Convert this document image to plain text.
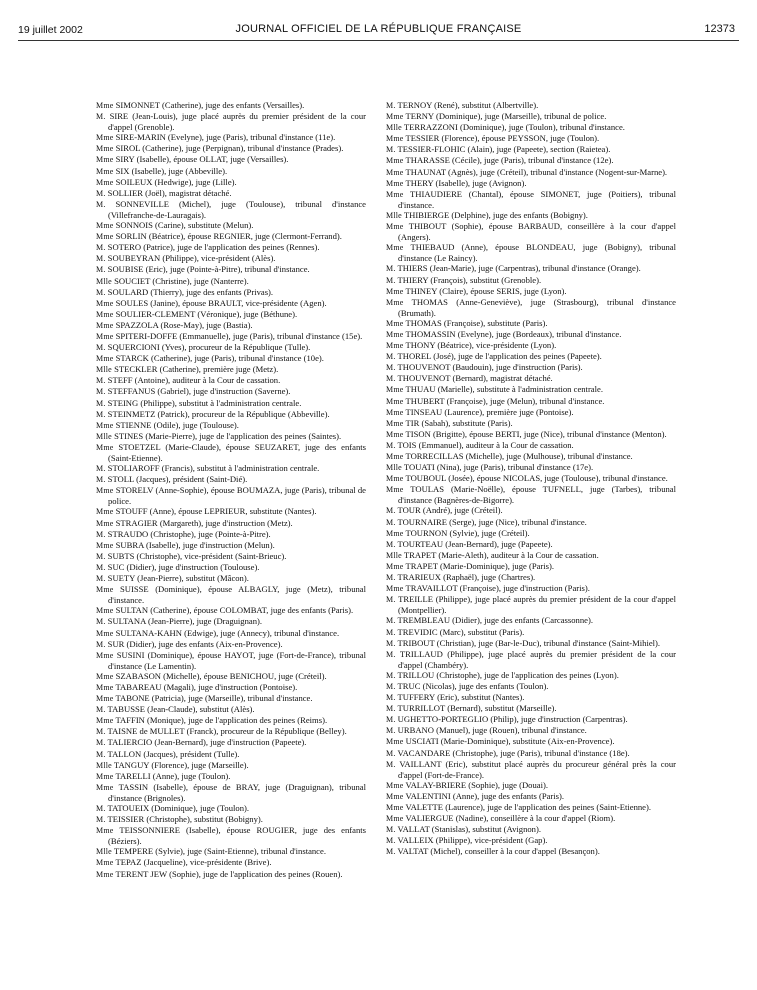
19 juillet 2002	JOURNAL OFFICIEL DE LA RÉPUBLIQUE FRANÇAISE	12373

Mme SIMONNET (Catherine), juge des enfants (Versailles).

M. SIRE (Jean-Louis), juge placé auprès du premier président de la cour d'appel (Grenoble).

Mme SIRE-MARIN (Evelyne), juge (Paris), tribunal d'instance (11e).

Mme SIROL (Catherine), juge (Perpignan), tribunal d'instance (Prades).

Mme SIRY (Isabelle), épouse OLLAT, juge (Versailles).

Mme SIX (Isabelle), juge (Abbeville).

Mme SOILEUX (Hedwige), juge (Lille).

M. SOLLIER (Joël), magistrat détaché.

M. SONNEVILLE (Michel), juge (Toulouse), tribunal d'instance (Villefranche-de-Lauragais).

Mme SONNOIS (Carine), substitute (Melun).

Mme SORLIN (Béatrice), épouse REGNIER, juge (Clermont-Ferrand).

M. SOTERO (Patrice), juge de l'application des peines (Rennes).

M. SOUBEYRAN (Philippe), vice-président (Alès).

M. SOUBISE (Eric), juge (Pointe-à-Pitre), tribunal d'instance.

Mlle SOUCIET (Christine), juge (Nanterre).

M. SOULARD (Thierry), juge des enfants (Privas).

Mme SOULES (Janine), épouse BRAULT, vice-présidente (Agen).

Mme SOULIER-CLEMENT (Véronique), juge (Béthune).

Mme SPAZZOLA (Rose-May), juge (Bastia).

Mme SPITERI-DOFFE (Emmanuelle), juge (Paris), tribunal d'instance (15e).

M. SQUERCIONI (Yves), procureur de la République (Tulle).

Mme STARCK (Catherine), juge (Paris), tribunal d'instance (10e).

Mlle STECKLER (Catherine), première juge (Metz).

M. STEFF (Antoine), auditeur à la Cour de cassation.

M. STEFFANUS (Gabriel), juge d'instruction (Saverne).

M. STEING (Philippe), substitut à l'administration centrale.

M. STEINMETZ (Patrick), procureur de la République (Abbeville).

Mme STIENNE (Odile), juge (Toulouse).

Mlle STINES (Marie-Pierre), juge de l'application des peines (Saintes).

Mme STOETZEL (Marie-Claude), épouse SEUZARET, juge des enfants (Saint-Etienne).

M. STOLIAROFF (Francis), substitut à l'administration centrale.

M. STOLL (Jacques), président (Saint-Dié).

Mme STORELV (Anne-Sophie), épouse BOUMAZA, juge (Paris), tribunal de police.

Mme STOUFF (Anne), épouse LEPRIEUR, substitute (Nantes).

Mme STRAGIER (Margareth), juge d'instruction (Metz).

M. STRAUDO (Christophe), juge (Pointe-à-Pitre).

Mme SUBRA (Isabelle), juge d'instruction (Melun).

M. SUBTS (Christophe), vice-président (Saint-Brieuc).

M. SUC (Didier), juge d'instruction (Toulouse).

M. SUETY (Jean-Pierre), substitut (Mâcon).

Mme SUISSE (Dominique), épouse ALBAGLY, juge (Metz), tribunal d'instance.

Mme SULTAN (Catherine), épouse COLOMBAT, juge des enfants (Paris).

M. SULTANA (Jean-Pierre), juge (Draguignan).

Mme SULTANA-KAHN (Edwige), juge (Annecy), tribunal d'instance.

M. SUR (Didier), juge des enfants (Aix-en-Provence).

Mme SUSINI (Dominique), épouse HAYOT, juge (Fort-de-France), tribunal d'instance (Le Lamentin).

Mme SZABASON (Michelle), épouse BENICHOU, juge (Créteil).

Mme TABAREAU (Magali), juge d'instruction (Pontoise).

Mme TABONE (Patricia), juge (Marseille), tribunal d'instance.

M. TABUSSE (Jean-Claude), substitut (Alès).

Mme TAFFIN (Monique), juge de l'application des peines (Reims).

M. TAISNE de MULLET (Franck), procureur de la République (Belley).

M. TALIERCIO (Jean-Bernard), juge d'instruction (Papeete).

M. TALLON (Jacques), président (Tulle).

Mlle TANGUY (Florence), juge (Marseille).

Mme TARELLI (Anne), juge (Toulon).

Mme TASSIN (Isabelle), épouse de BRAY, juge (Draguignan), tribunal d'instance (Brignoles).

M. TATOUEIX (Dominique), juge (Toulon).

M. TEISSIER (Christophe), substitut (Bobigny).

Mme TEISSONNIERE (Isabelle), épouse ROUGIER, juge des enfants (Béziers).

Mlle TEMPERE (Sylvie), juge (Saint-Etienne), tribunal d'instance.

Mme TEPAZ (Jacqueline), vice-présidente (Brive).

Mme TERENT JEW (Sophie), juge de l'application des peines (Rouen).

M. TERNOY (René), substitut (Albertville).

Mme TERNY (Dominique), juge (Marseille), tribunal de police.

Mlle TERRAZZONI (Dominique), juge (Toulon), tribunal d'instance.

Mme TESSIER (Florence), épouse PEYSSON, juge (Toulon).

M. TESSIER-FLOHIC (Alain), juge (Papeete), section (Raietea).

Mme THARASSE (Cécile), juge (Paris), tribunal d'instance (12e).

Mme THAUNAT (Agnès), juge (Créteil), tribunal d'instance (Nogent-sur-Marne).

Mme THERY (Isabelle), juge (Avignon).

Mme THIAUDIERE (Chantal), épouse SIMONET, juge (Poitiers), tribunal d'instance.

Mlle THIBIERGE (Delphine), juge des enfants (Bobigny).

Mme THIBOUT (Sophie), épouse BARBAUD, conseillère à la cour d'appel (Angers).

Mme THIEBAUD (Anne), épouse BLONDEAU, juge (Bobigny), tribunal d'instance (Le Raincy).

M. THIERS (Jean-Marie), juge (Carpentras), tribunal d'instance (Orange).

M. THIERY (François), substitut (Grenoble).

Mme THINEY (Claire), épouse SERIS, juge (Lyon).

Mme THOMAS (Anne-Geneviève), juge (Strasbourg), tribunal d'instance (Brumath).

Mme THOMAS (Françoise), substitute (Paris).

Mme THOMASSIN (Evelyne), juge (Bordeaux), tribunal d'instance.

Mme THONY (Béatrice), vice-présidente (Lyon).

M. THOREL (José), juge de l'application des peines (Papeete).

M. THOUVENOT (Baudouin), juge d'instruction (Paris).

M. THOUVENOT (Bernard), magistrat détaché.

Mme THUAU (Marielle), substitute à l'administration centrale.

Mme THUBERT (Françoise), juge (Melun), tribunal d'instance.

Mme TINSEAU (Laurence), première juge (Pontoise).

Mme TIR (Sabah), substitute (Paris).

Mme TISON (Brigitte), épouse BERTI, juge (Nice), tribunal d'instance (Menton).

M. TOIS (Emmanuel), auditeur à la Cour de cassation.

Mme TORRECILLAS (Michelle), juge (Mulhouse), tribunal d'instance.

Mlle TOUATI (Nina), juge (Paris), tribunal d'instance (17e).

Mme TOUBOUL (Josée), épouse NICOLAS, juge (Toulouse), tribunal d'instance.

Mme TOULAS (Marie-Noëlle), épouse TUFNELL, juge (Tarbes), tribunal d'instance (Bagnères-de-Bigorre).

M. TOUR (André), juge (Créteil).

M. TOURNAIRE (Serge), juge (Nice), tribunal d'instance.

Mme TOURNON (Sylvie), juge (Créteil).

M. TOURTEAU (Jean-Bernard), juge (Papeete).

Mlle TRAPET (Marie-Aleth), auditeur à la Cour de cassation.

Mme TRAPET (Marie-Dominique), juge (Paris).

M. TRARIEUX (Raphaël), juge (Chartres).

Mme TRAVAILLOT (Françoise), juge d'instruction (Paris).

M. TREILLE (Philippe), juge placé auprès du premier président de la cour d'appel (Montpellier).

M. TREMBLEAU (Didier), juge des enfants (Carcassonne).

M. TREVIDIC (Marc), substitut (Paris).

M. TRIBOUT (Christian), juge (Bar-le-Duc), tribunal d'instance (Saint-Mihiel).

M. TRILLAUD (Philippe), juge placé auprès du premier président de la cour d'appel (Chambéry).

M. TRILLOU (Christophe), juge de l'application des peines (Lyon).

M. TRUC (Nicolas), juge des enfants (Toulon).

M. TUFFERY (Eric), substitut (Nantes).

M. TURRILLOT (Bernard), substitut (Marseille).

M. UGHETTO-PORTEGLIO (Philip), juge d'instruction (Carpentras).

M. URBANO (Manuel), juge (Rouen), tribunal d'instance.

Mme USCIATI (Marie-Dominique), substitute (Aix-en-Provence).

M. VACANDARE (Christophe), juge (Paris), tribunal d'instance (18e).

M. VAILLANT (Eric), substitut placé auprès du procureur général près la cour d'appel (Fort-de-France).

Mme VALAY-BRIERE (Sophie), juge (Douai).

Mme VALENTINI (Anne), juge des enfants (Paris).

Mme VALETTE (Laurence), juge de l'application des peines (Saint-Etienne).

Mme VALIERGUE (Nadine), conseillère à la cour d'appel (Riom).

M. VALLAT (Stanislas), substitut (Avignon).

M. VALLEIX (Philippe), vice-président (Gap).

M. VALTAT (Michel), conseiller à la cour d'appel (Besançon).
